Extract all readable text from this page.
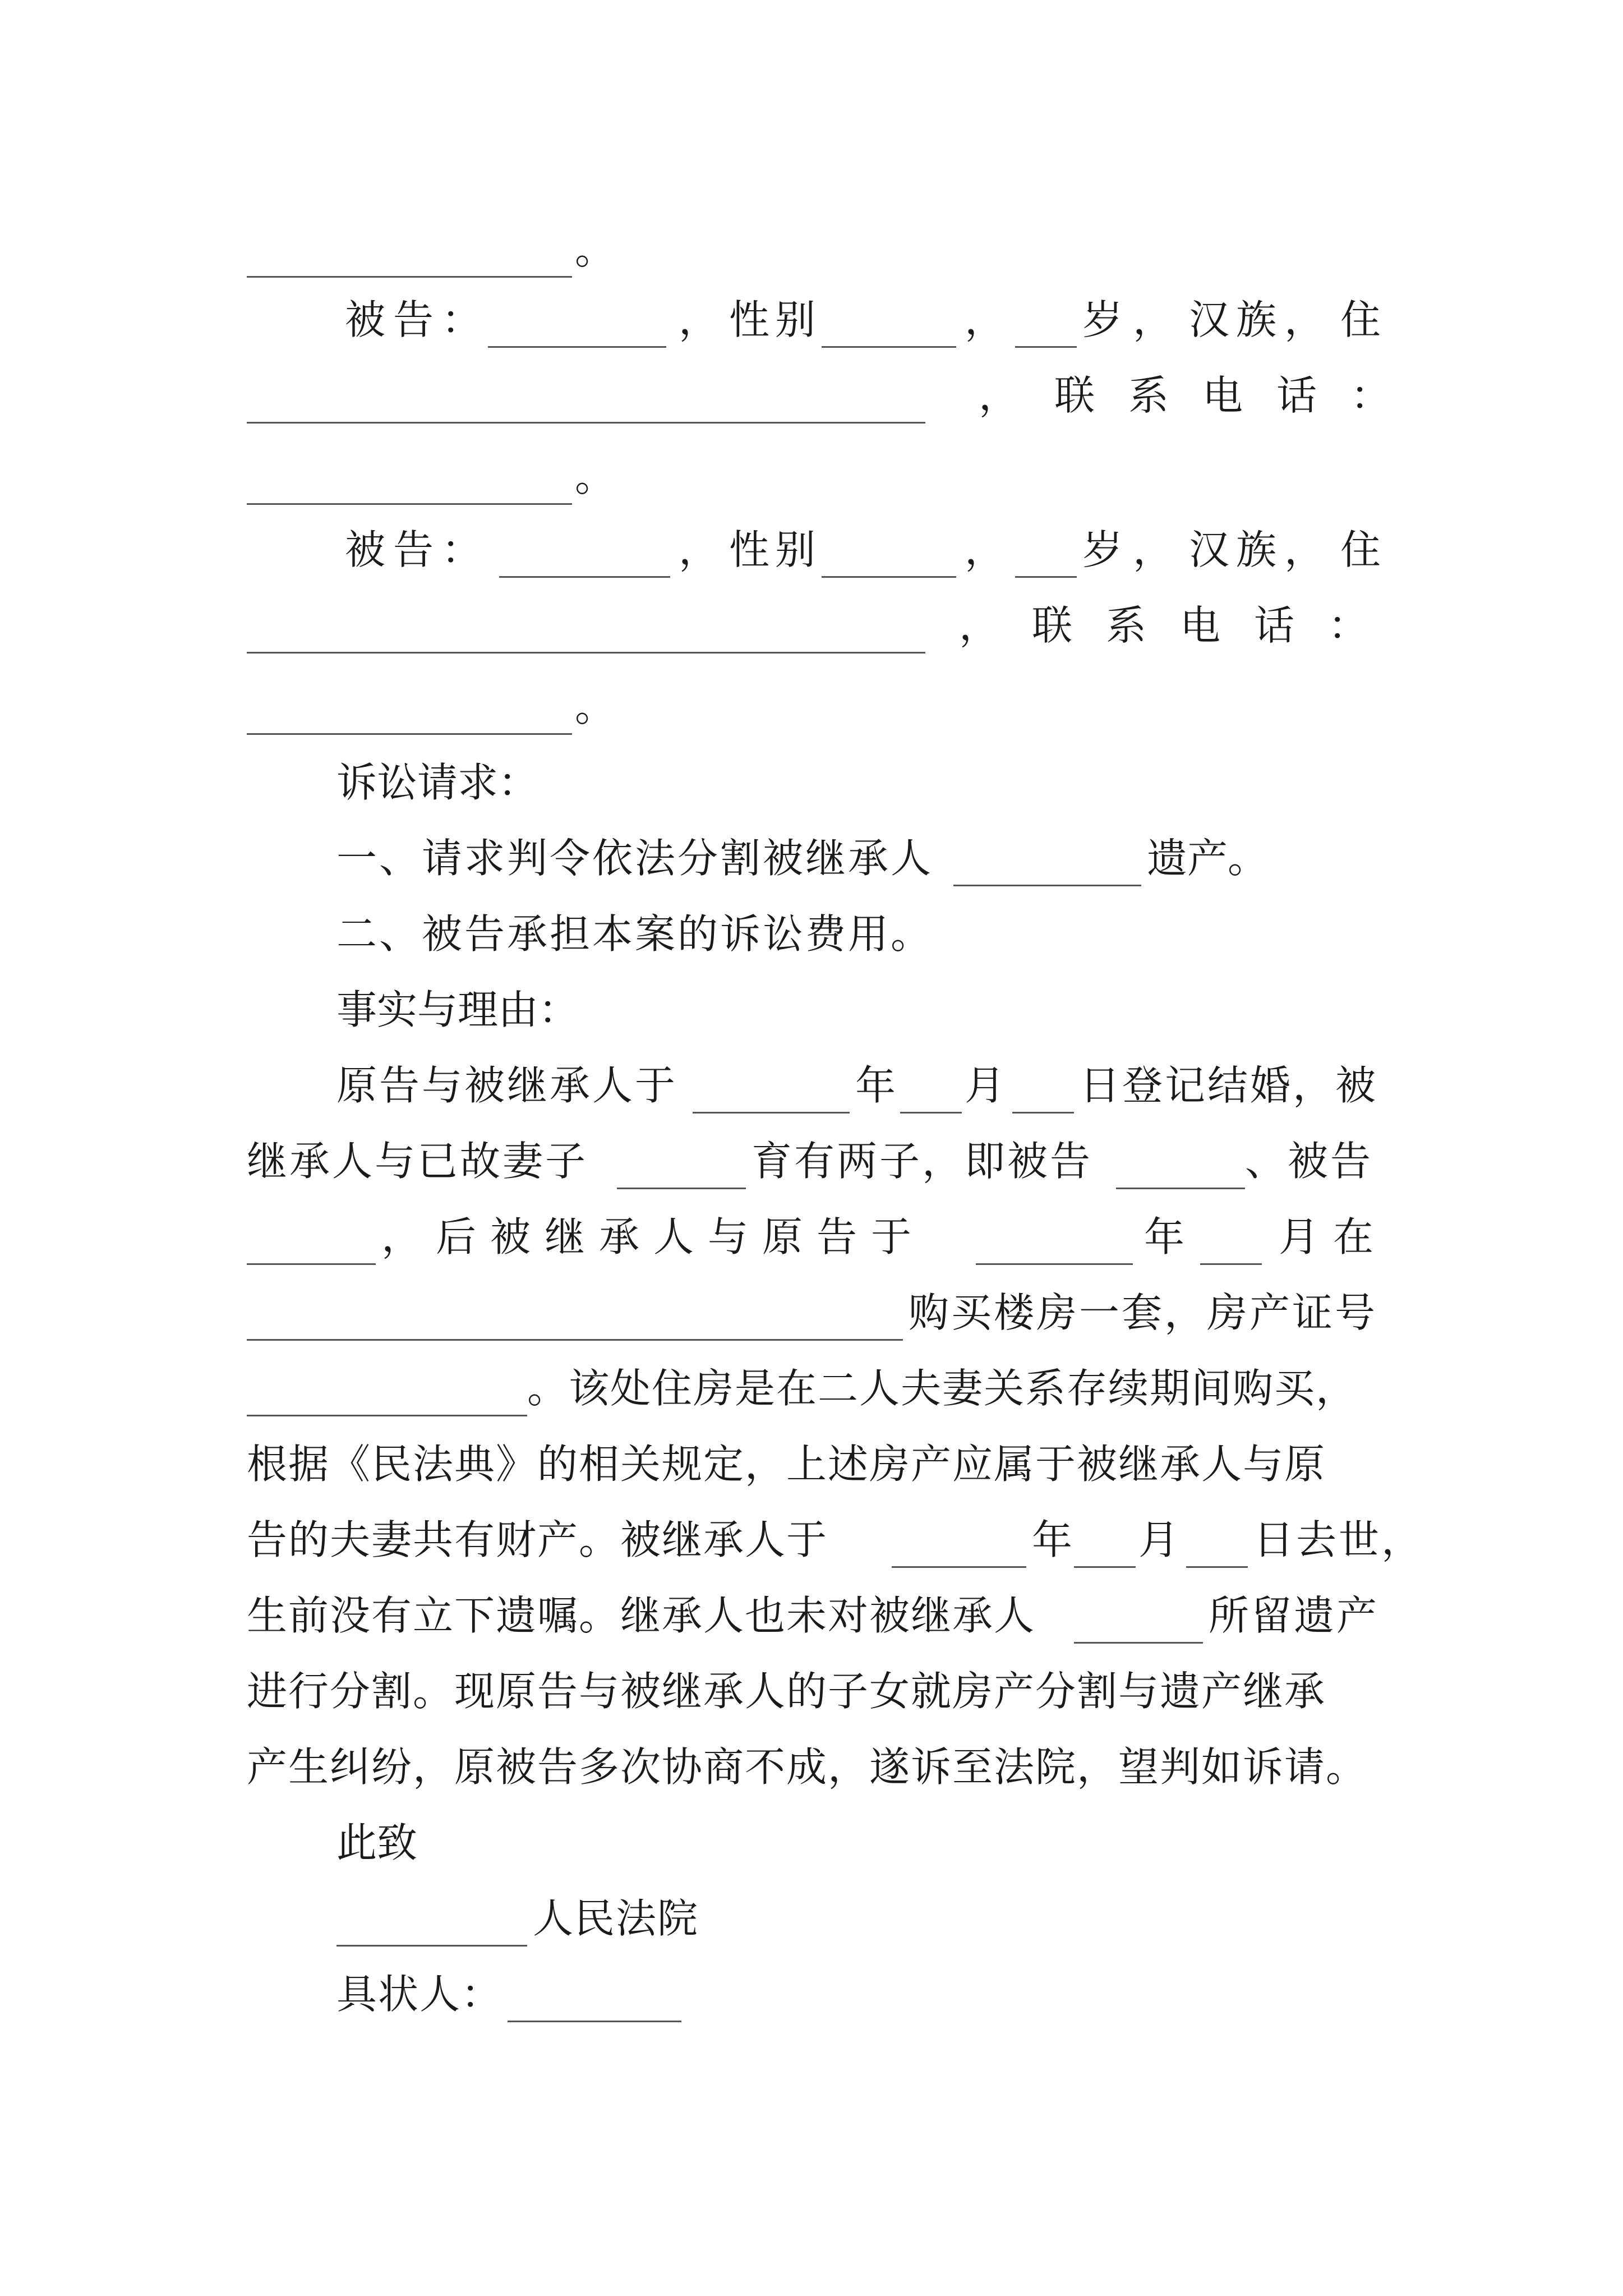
。
被告：	， 性别	， 岁 ， 汉族 ， 住
， 联系电话：
。
被告：	， 性别	， 岁 ， 汉族 ， 住
， 联系电话：
。
诉讼请求：
一、请求判令依法分割被继承人	遗产。
二、被告承担本案的诉讼费用。
事实与理由：
原告与被继承人于	年 月 日登记结婚，被
继承人与已故妻子	育有两子，即被告	、被告
，后被继承人与原告于	年 月在
购买楼房一套，房产证号
。该处住房是在二人夫妻关系存续期间购买，
根据《民法典》的相关规定，上述房产应属于被继承人与原
告的夫妻共有财产。被继承人于	年 月 日去世，
生前没有立下遗嘱。继承人也未对被继承人	所留遗产
进行分割。现原告与被继承人的子女就房产分割与遗产继承
产生纠纷，原被告多次协商不成，遂诉至法院，望判如诉请。
此致
人民法院
具状人：
